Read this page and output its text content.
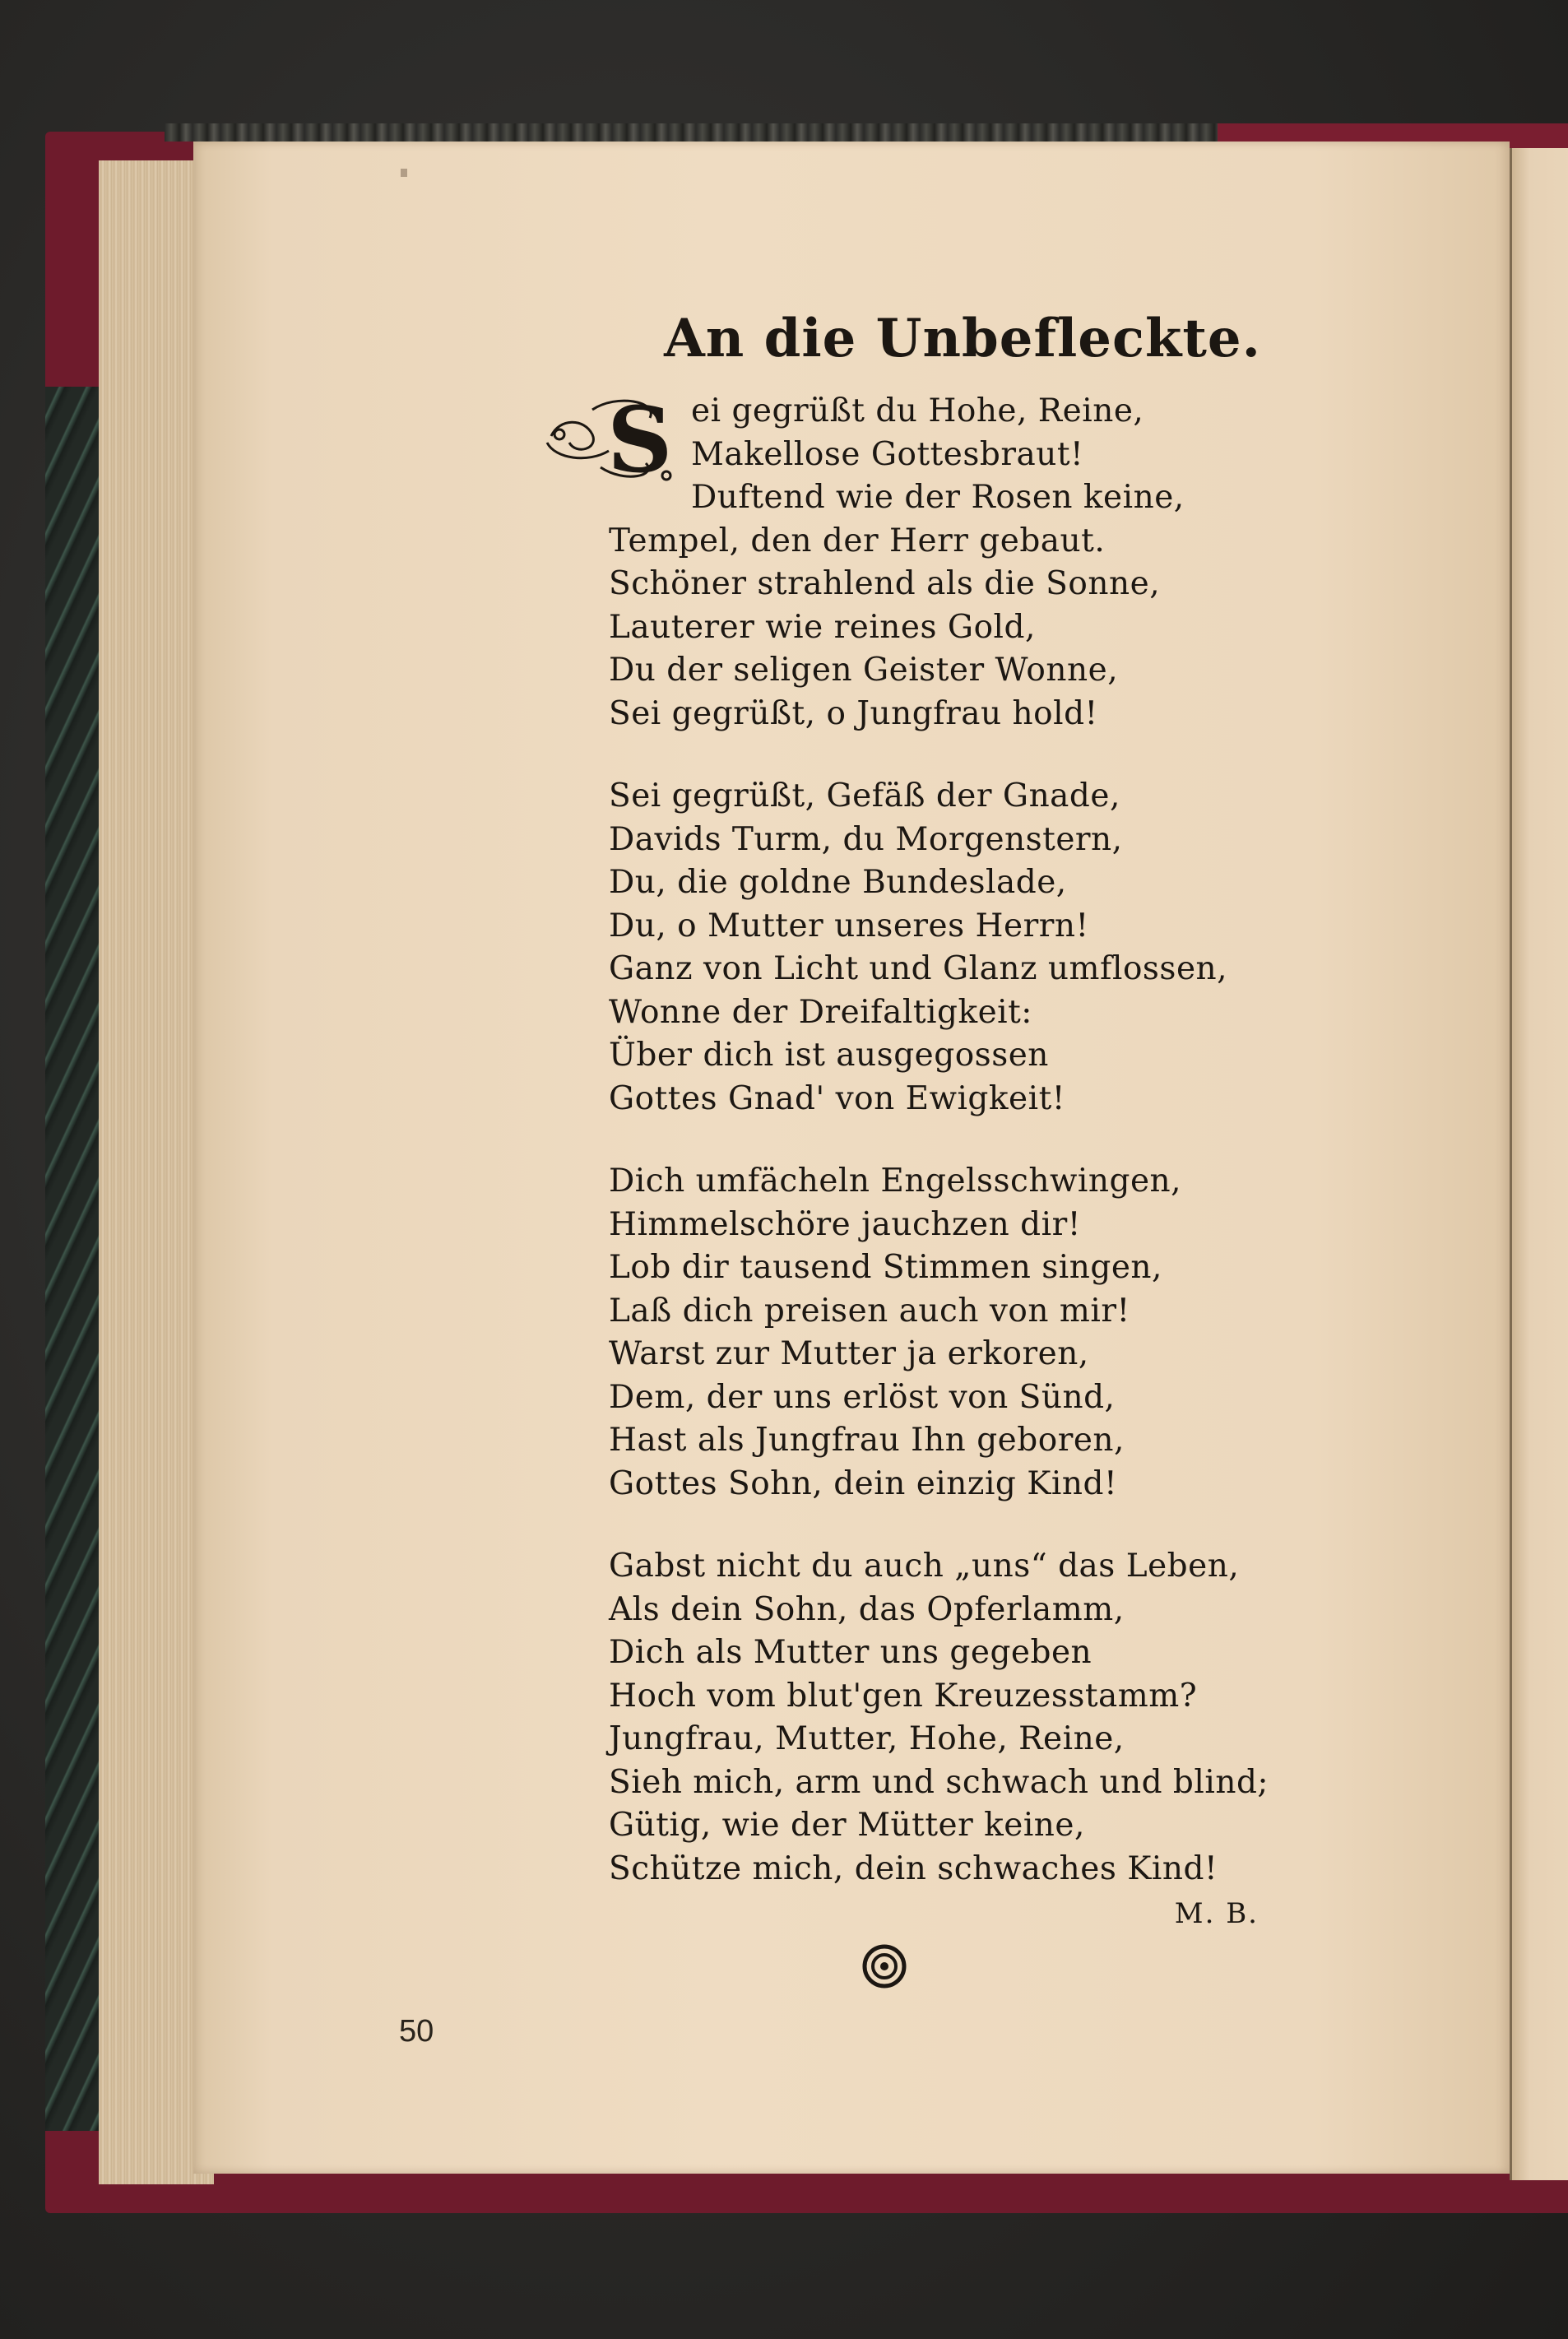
An die Unbefleckte.
S ei gegrüßt du Hohe, Reine,
Makellose Gottesbraut!
Duftend wie der Rosen keine,
Tempel, den der Herr gebaut.
Schöner strahlend als die Sonne,
Lauterer wie reines Gold,
Du der seligen Geister Wonne,
Sei gegrüßt, o Jungfrau hold!
Sei gegrüßt, Gefäß der Gnade,
Davids Turm, du Morgenstern,
Du, die goldne Bundeslade,
Du, o Mutter unseres Herrn!
Ganz von Licht und Glanz umflossen,
Wonne der Dreifaltigkeit:
Über dich ist ausgegossen
Gottes Gnad' von Ewigkeit!
Dich umfächeln Engelsschwingen,
Himmelschöre jauchzen dir!
Lob dir tausend Stimmen singen,
Laß dich preisen auch von mir!
Warst zur Mutter ja erkoren,
Dem, der uns erlöst von Sünd,
Hast als Jungfrau Ihn geboren,
Gottes Sohn, dein einzig Kind!
Gabst nicht du auch „uns“ das Leben,
Als dein Sohn, das Opferlamm,
Dich als Mutter uns gegeben
Hoch vom blut'gen Kreuzesstamm?
Jungfrau, Mutter, Hohe, Reine,
Sieh mich, arm und schwach und blind;
Gütig, wie der Mütter keine,
Schütze mich, dein schwaches Kind!
M. B.
50
